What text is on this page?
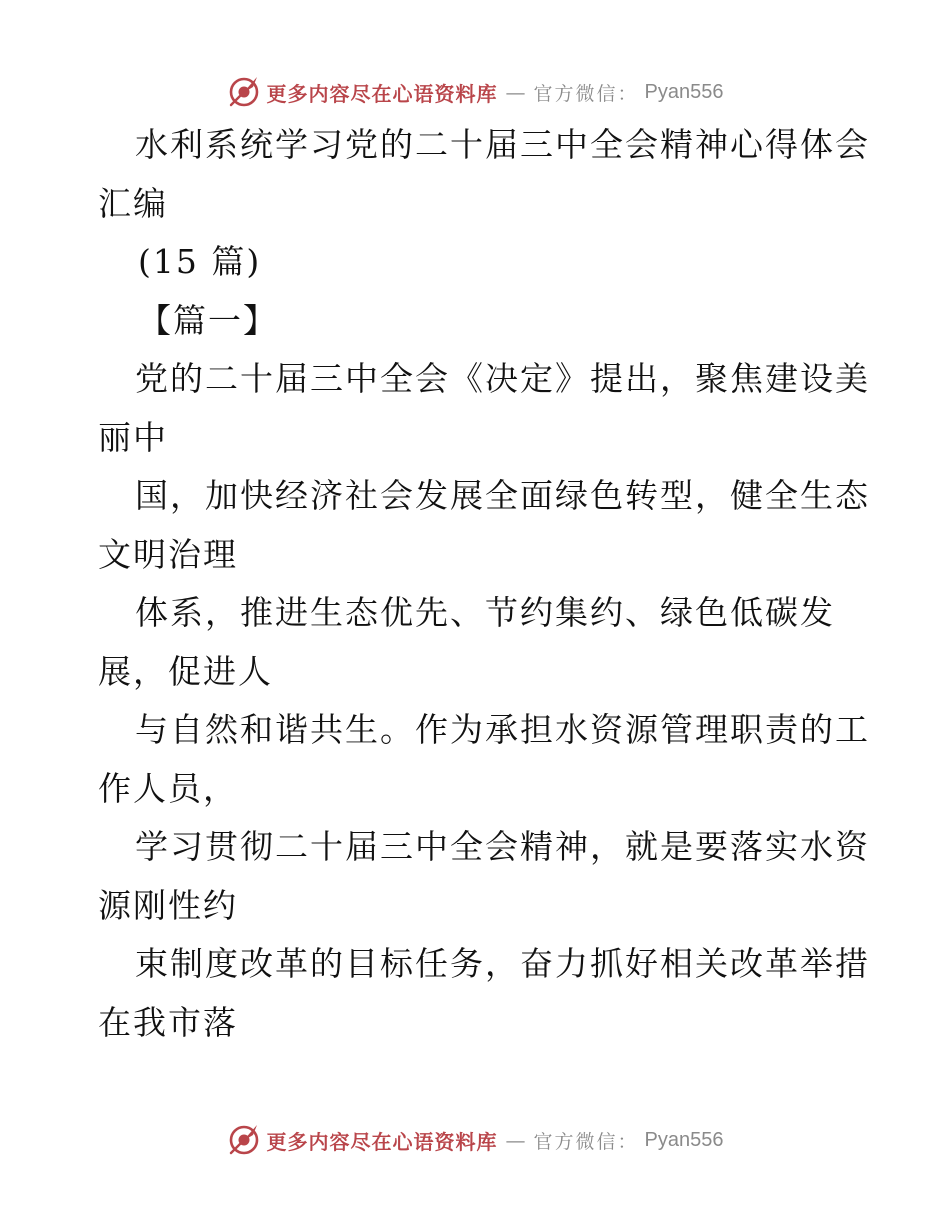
更多内容尽在心语资料库 — 官方微信： Pyan556
水利系统学习党的二十届三中全会精神心得体会
汇编
(15 篇)
【篇一】
党的二十届三中全会《决定》提出，聚焦建设美
丽中
国，加快经济社会发展全面绿色转型，健全生态
文明治理
体系，推进生态优先、节约集约、绿色低碳发
展，促进人
与自然和谐共生。作为承担水资源管理职责的工
作人员，
学习贯彻二十届三中全会精神，就是要落实水资
源刚性约
束制度改革的目标任务，奋力抓好相关改革举措
在我市落
更多内容尽在心语资料库 — 官方微信： Pyan556
